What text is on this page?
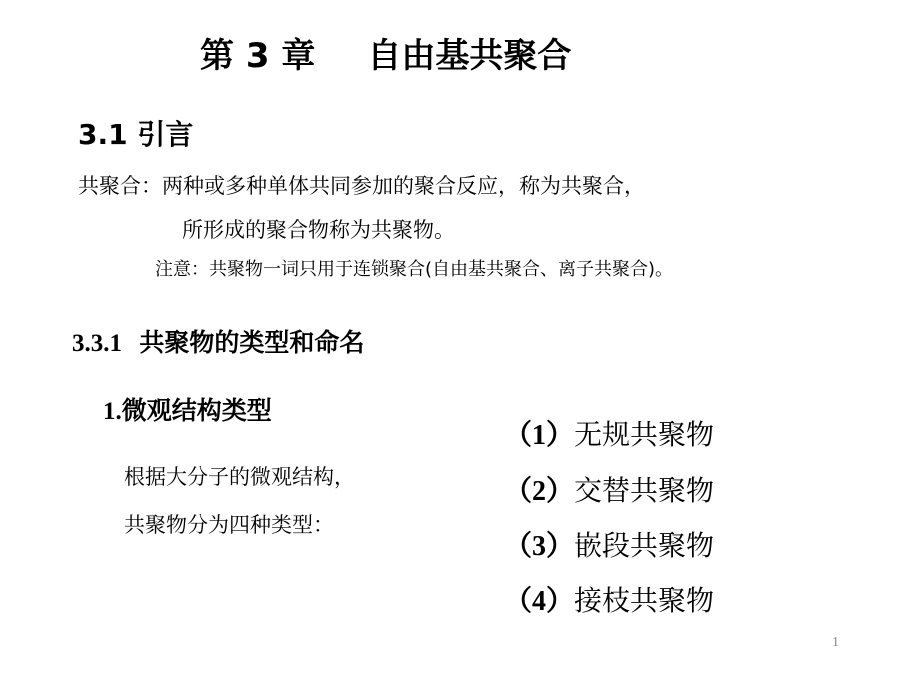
第 3 章 自由基共聚合
3.1 引言

共聚合：两种或多种单体共同参加的聚合反应，称为共聚合，

所形成的聚合物称为共聚物。

注意：共聚物一词只用于连锁聚合(自由基共聚合、离子共聚合)。

3.3.1 共聚物的类型和命名
1.微观结构类型

根据大分子的微观结构，

共聚物分为四种类型：

（1）无规共聚物
（2）交替共聚物
（3）嵌段共聚物
（4）接枝共聚物
1
